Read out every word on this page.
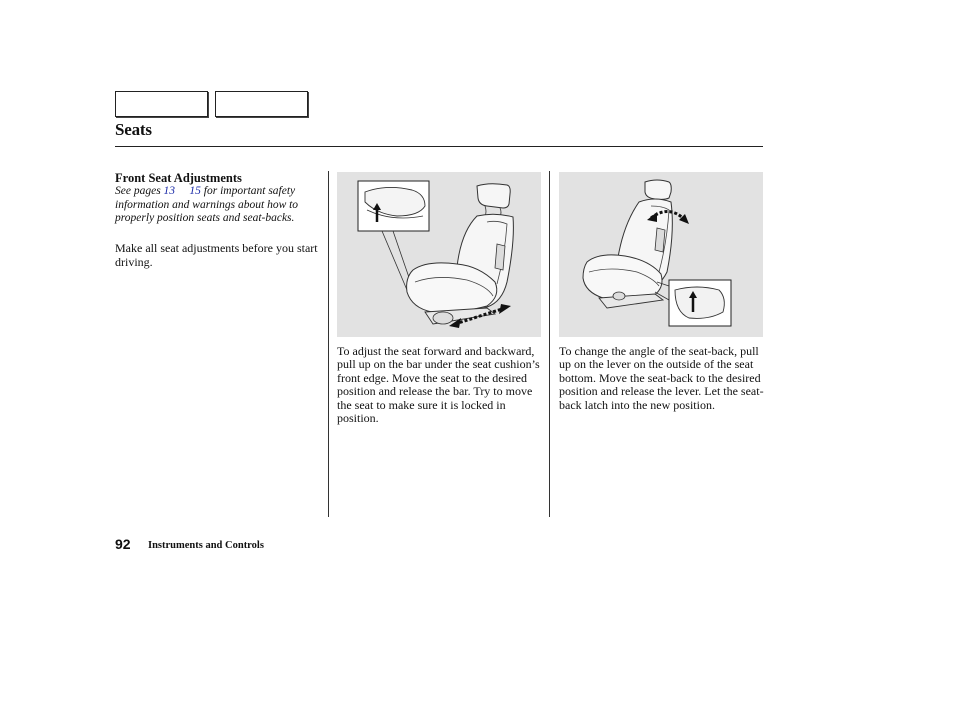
Seats

Front Seat Adjustments

See pages 13​     15 for important safety information and warnings about how to properly position seats and seat-backs.

Make all seat adjustments before you start driving.

To adjust the seat forward and backward, pull up on the bar under the seat cushion’s front edge. Move the seat to the desired position and release the bar. Try to move the seat to make sure it is locked in position.
To change the angle of the seat-back, pull up on the lever on the outside of the seat bottom. Move the seat-back to the desired position and release the lever. Let the seat-back latch into the new position.
92 Instruments and Controls
